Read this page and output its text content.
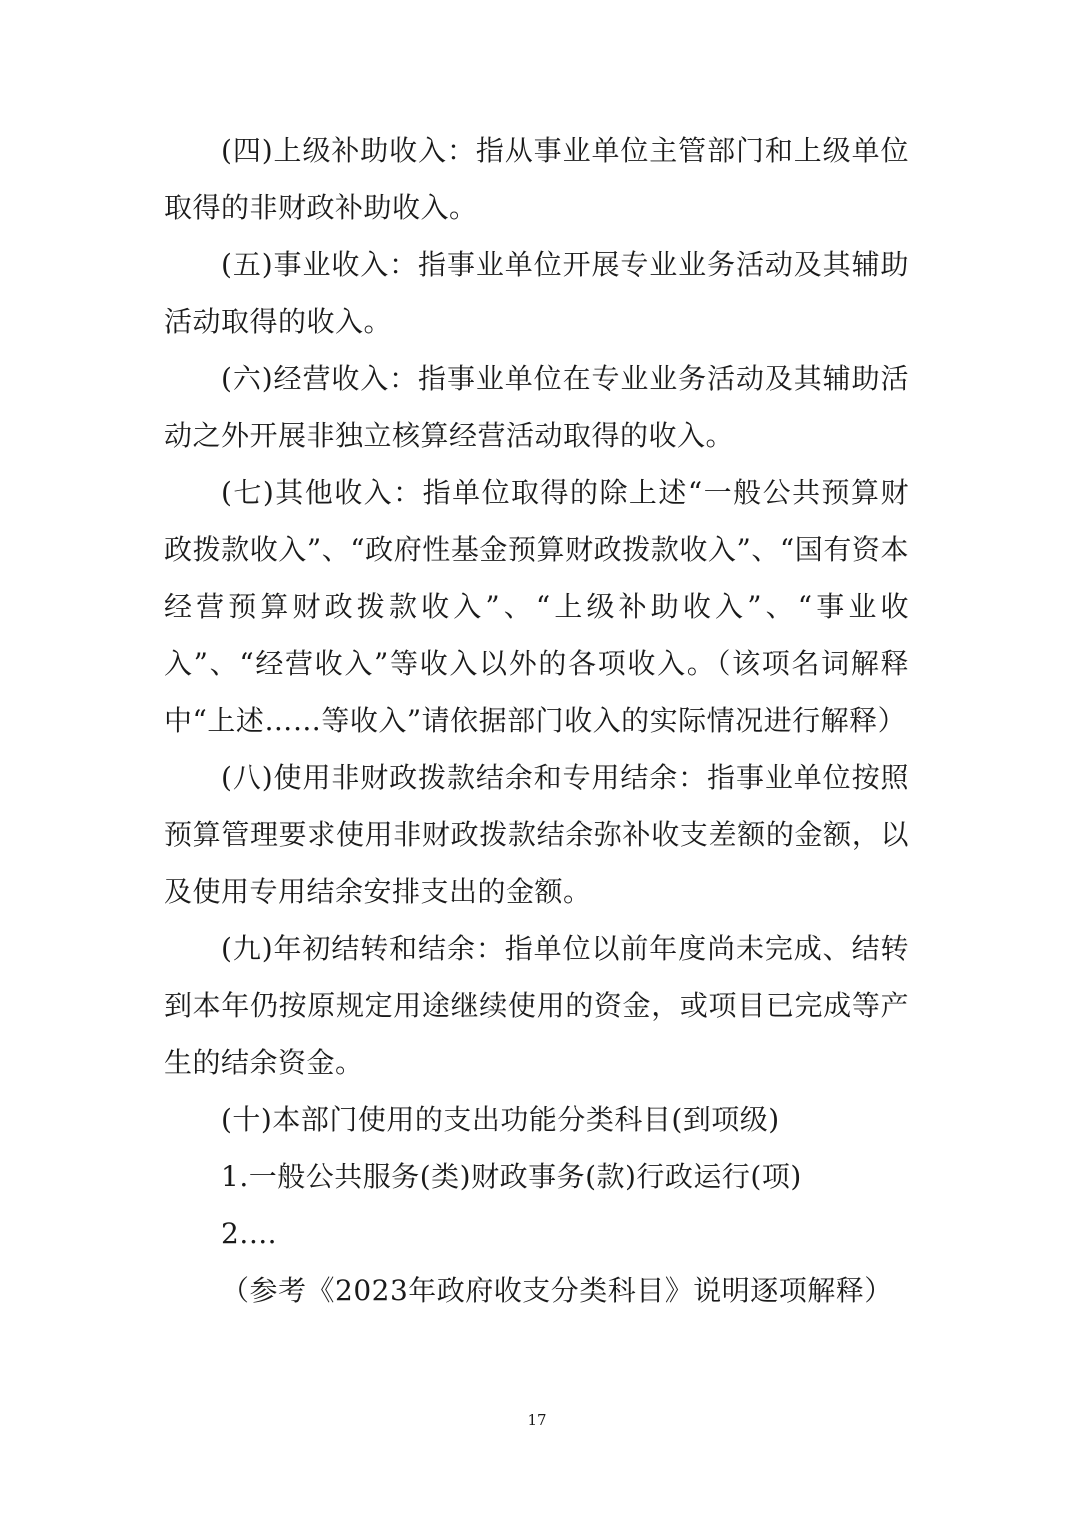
(四)上级补助收入：指从事业单位主管部门和上级单位取得的非财政补助收入。

(五)事业收入：指事业单位开展专业业务活动及其辅助活动取得的收入。

(六)经营收入：指事业单位在专业业务活动及其辅助活动之外开展非独立核算经营活动取得的收入。

(七)其他收入：指单位取得的除上述“一般公共预算财政拨款收入”、“政府性基金预算财政拨款收入”、“国有资本经营预算财政拨款收入”、“上级补助收入”、“事业收入”、“经营收入”等收入以外的各项收入。（该项名词解释中“上述……等收入”请依据部门收入的实际情况进行解释）

(八)使用非财政拨款结余和专用结余：指事业单位按照预算管理要求使用非财政拨款结余弥补收支差额的金额，以及使用专用结余安排支出的金额。

(九)年初结转和结余：指单位以前年度尚未完成、结转到本年仍按原规定用途继续使用的资金，或项目已完成等产生的结余资金。

(十)本部门使用的支出功能分类科目(到项级)

1.一般公共服务(类)财政事务(款)行政运行(项)

2.…

（参考《2023年政府收支分类科目》说明逐项解释）

17
